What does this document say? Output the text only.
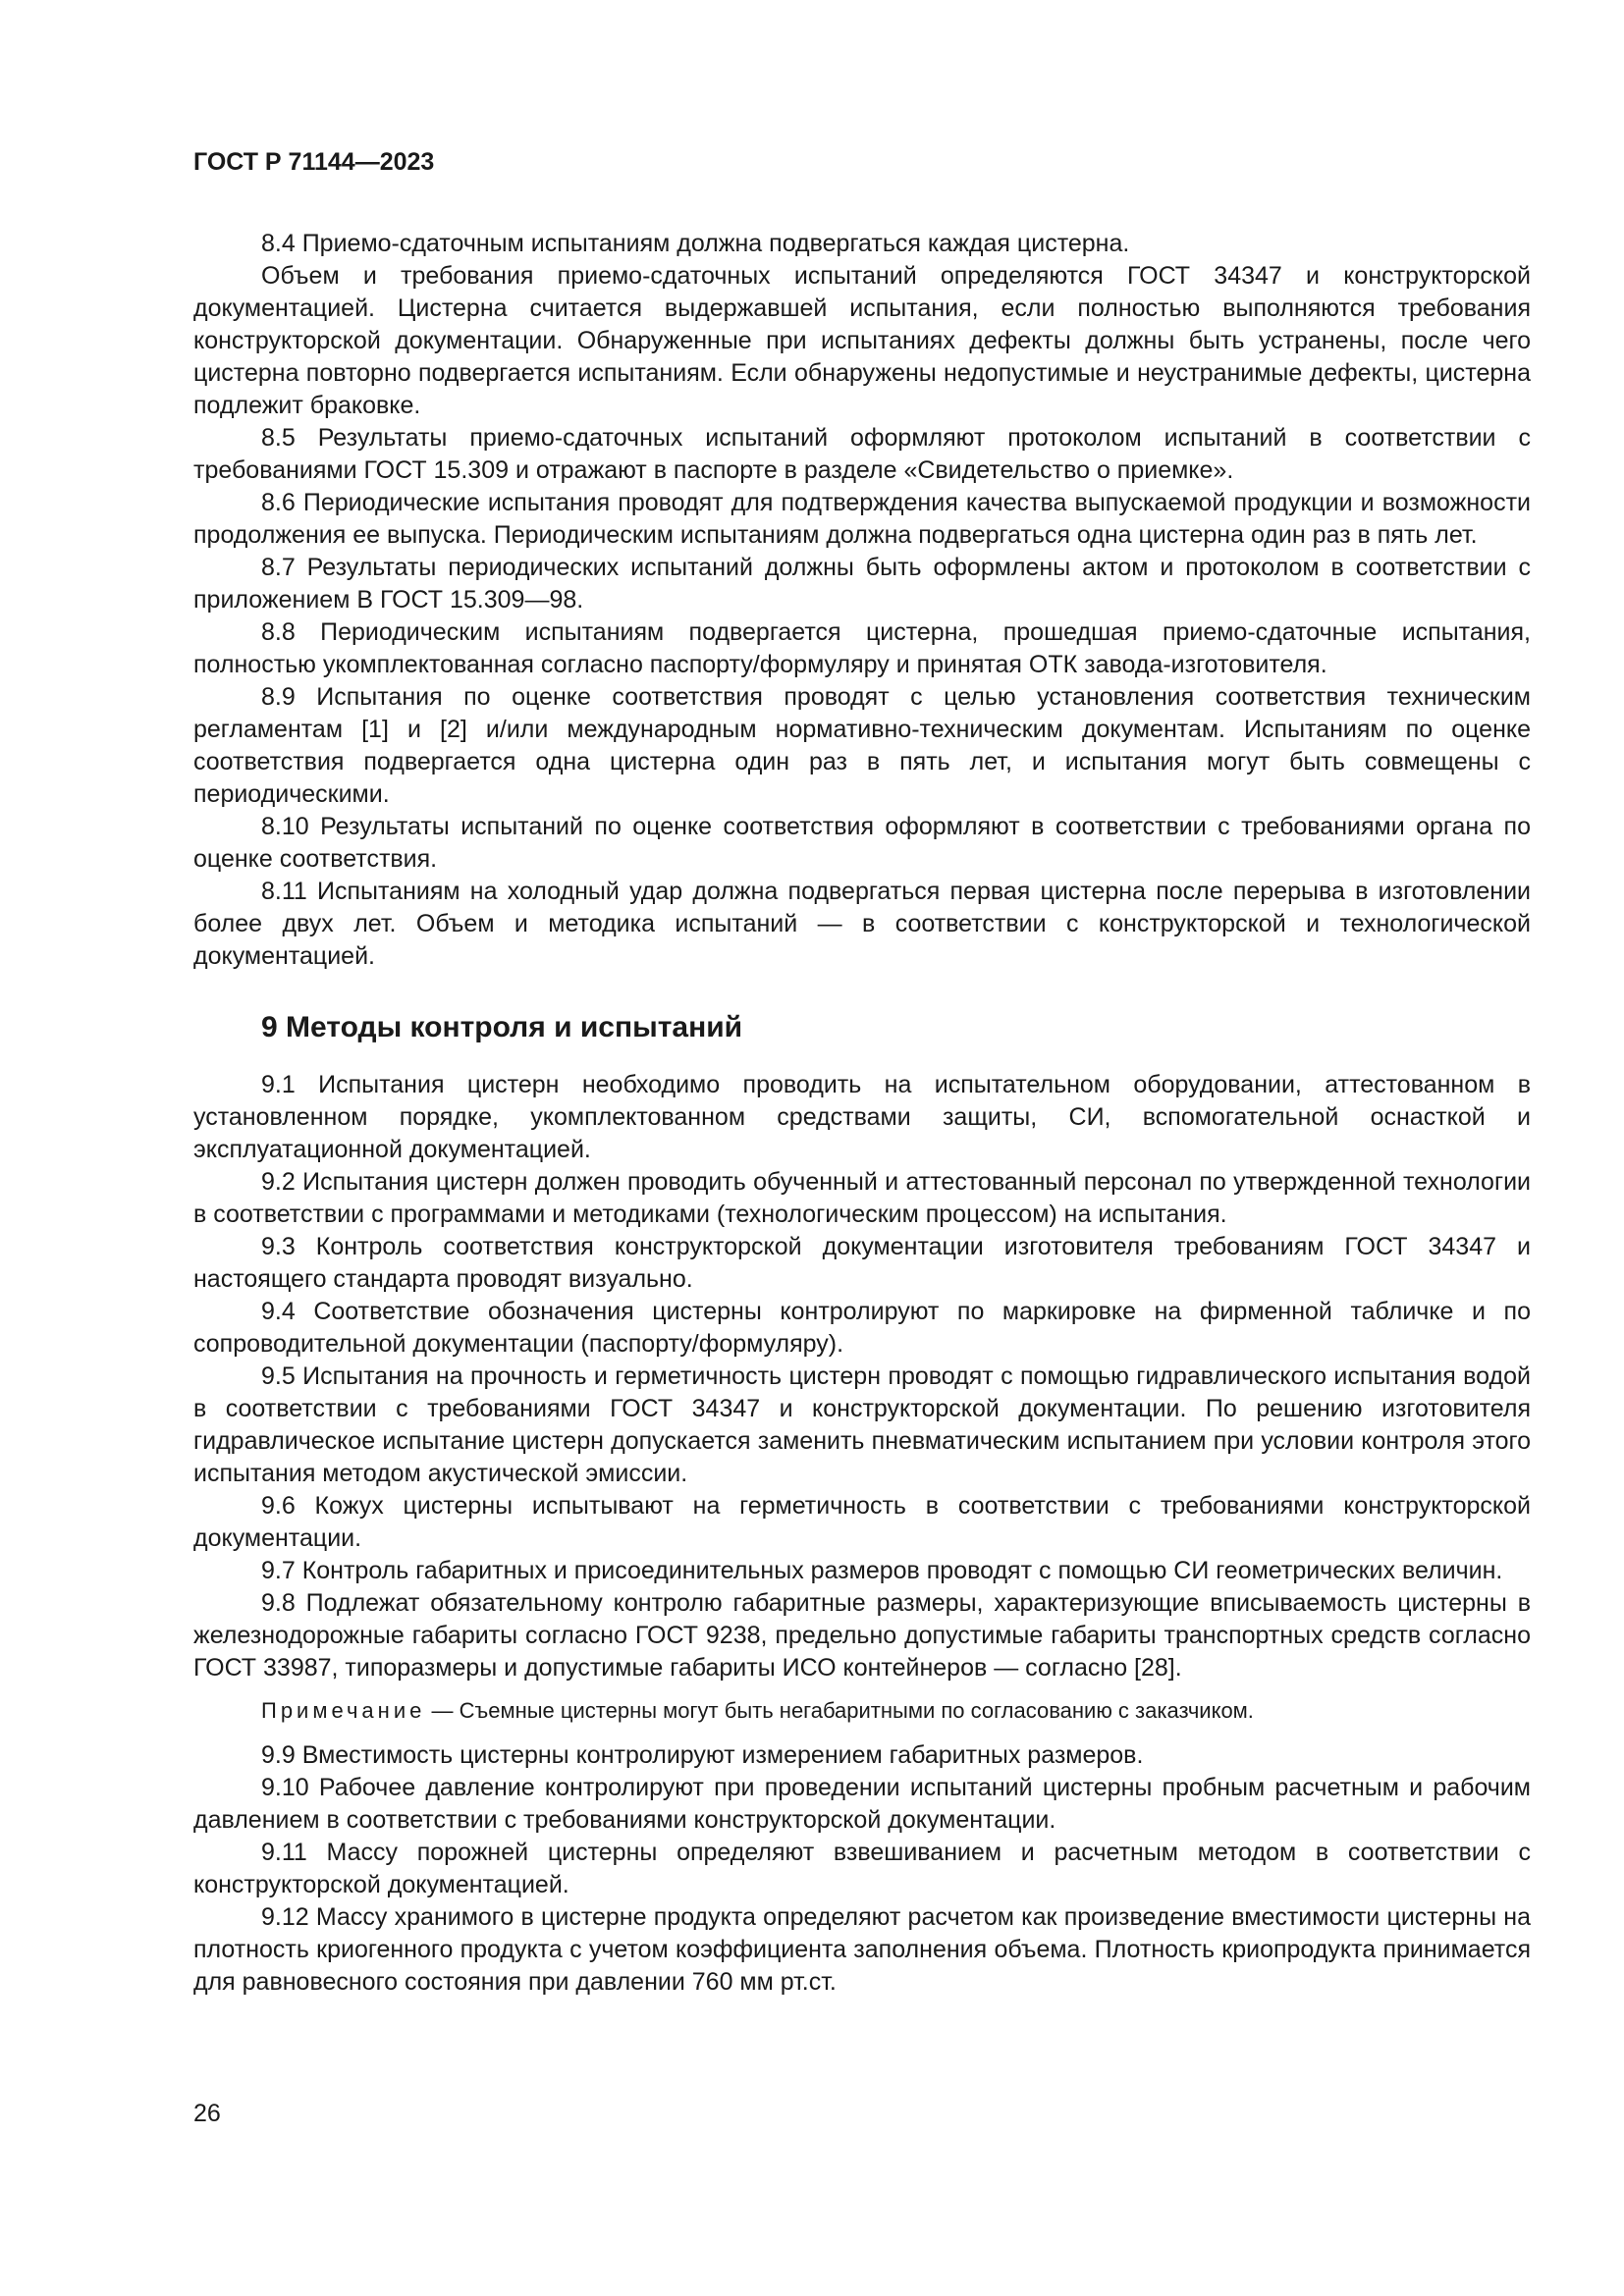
ГОСТ Р 71144—2023

8.4 Приемо-сдаточным испытаниям должна подвергаться каждая цистерна.

Объем и требования приемо-сдаточных испытаний определяются ГОСТ 34347 и конструкторской документацией. Цистерна считается выдержавшей испытания, если полностью выполняются требования конструкторской документации. Обнаруженные при испытаниях дефекты должны быть устранены, после чего цистерна повторно подвергается испытаниям. Если обнаружены недопустимые и неустранимые дефекты, цистерна подлежит браковке.

8.5 Результаты приемо-сдаточных испытаний оформляют протоколом испытаний в соответствии с требованиями ГОСТ 15.309 и отражают в паспорте в разделе «Свидетельство о приемке».

8.6 Периодические испытания проводят для подтверждения качества выпускаемой продукции и возможности продолжения ее выпуска. Периодическим испытаниям должна подвергаться одна цистерна один раз в пять лет.

8.7 Результаты периодических испытаний должны быть оформлены актом и протоколом в соответствии с приложением В ГОСТ 15.309—98.

8.8 Периодическим испытаниям подвергается цистерна, прошедшая приемо-сдаточные испытания, полностью укомплектованная согласно паспорту/формуляру и принятая ОТК завода-изготовителя.

8.9 Испытания по оценке соответствия проводят с целью установления соответствия техническим регламентам [1] и [2] и/или международным нормативно-техническим документам. Испытаниям по оценке соответствия подвергается одна цистерна один раз в пять лет, и испытания могут быть совмещены с периодическими.

8.10 Результаты испытаний по оценке соответствия оформляют в соответствии с требованиями органа по оценке соответствия.

8.11 Испытаниям на холодный удар должна подвергаться первая цистерна после перерыва в изготовлении более двух лет. Объем и методика испытаний — в соответствии с конструкторской и технологической документацией.

9 Методы контроля и испытаний

9.1 Испытания цистерн необходимо проводить на испытательном оборудовании, аттестованном в установленном порядке, укомплектованном средствами защиты, СИ, вспомогательной оснасткой и эксплуатационной документацией.

9.2 Испытания цистерн должен проводить обученный и аттестованный персонал по утвержденной технологии в соответствии с программами и методиками (технологическим процессом) на испытания.

9.3 Контроль соответствия конструкторской документации изготовителя требованиям ГОСТ 34347 и настоящего стандарта проводят визуально.

9.4 Соответствие обозначения цистерны контролируют по маркировке на фирменной табличке и по сопроводительной документации (паспорту/формуляру).

9.5 Испытания на прочность и герметичность цистерн проводят с помощью гидравлического испытания водой в соответствии с требованиями ГОСТ 34347 и конструкторской документации. По решению изготовителя гидравлическое испытание цистерн допускается заменить пневматическим испытанием при условии контроля этого испытания методом акустической эмиссии.

9.6 Кожух цистерны испытывают на герметичность в соответствии с требованиями конструкторской документации.

9.7 Контроль габаритных и присоединительных размеров проводят с помощью СИ геометрических величин.

9.8 Подлежат обязательному контролю габаритные размеры, характеризующие вписываемость цистерны в железнодорожные габариты согласно ГОСТ 9238, предельно допустимые габариты транспортных средств согласно ГОСТ 33987, типоразмеры и допустимые габариты ИСО контейнеров — согласно [28].

Примечание — Съемные цистерны могут быть негабаритными по согласованию с заказчиком.

9.9 Вместимость цистерны контролируют измерением габаритных размеров.

9.10 Рабочее давление контролируют при проведении испытаний цистерны пробным расчетным и рабочим давлением в соответствии с требованиями конструкторской документации.

9.11 Массу порожней цистерны определяют взвешиванием и расчетным методом в соответствии с конструкторской документацией.

9.12 Массу хранимого в цистерне продукта определяют расчетом как произведение вместимости цистерны на плотность криогенного продукта с учетом коэффициента заполнения объема. Плотность криопродукта принимается для равновесного состояния при давлении 760 мм рт.ст.

26
